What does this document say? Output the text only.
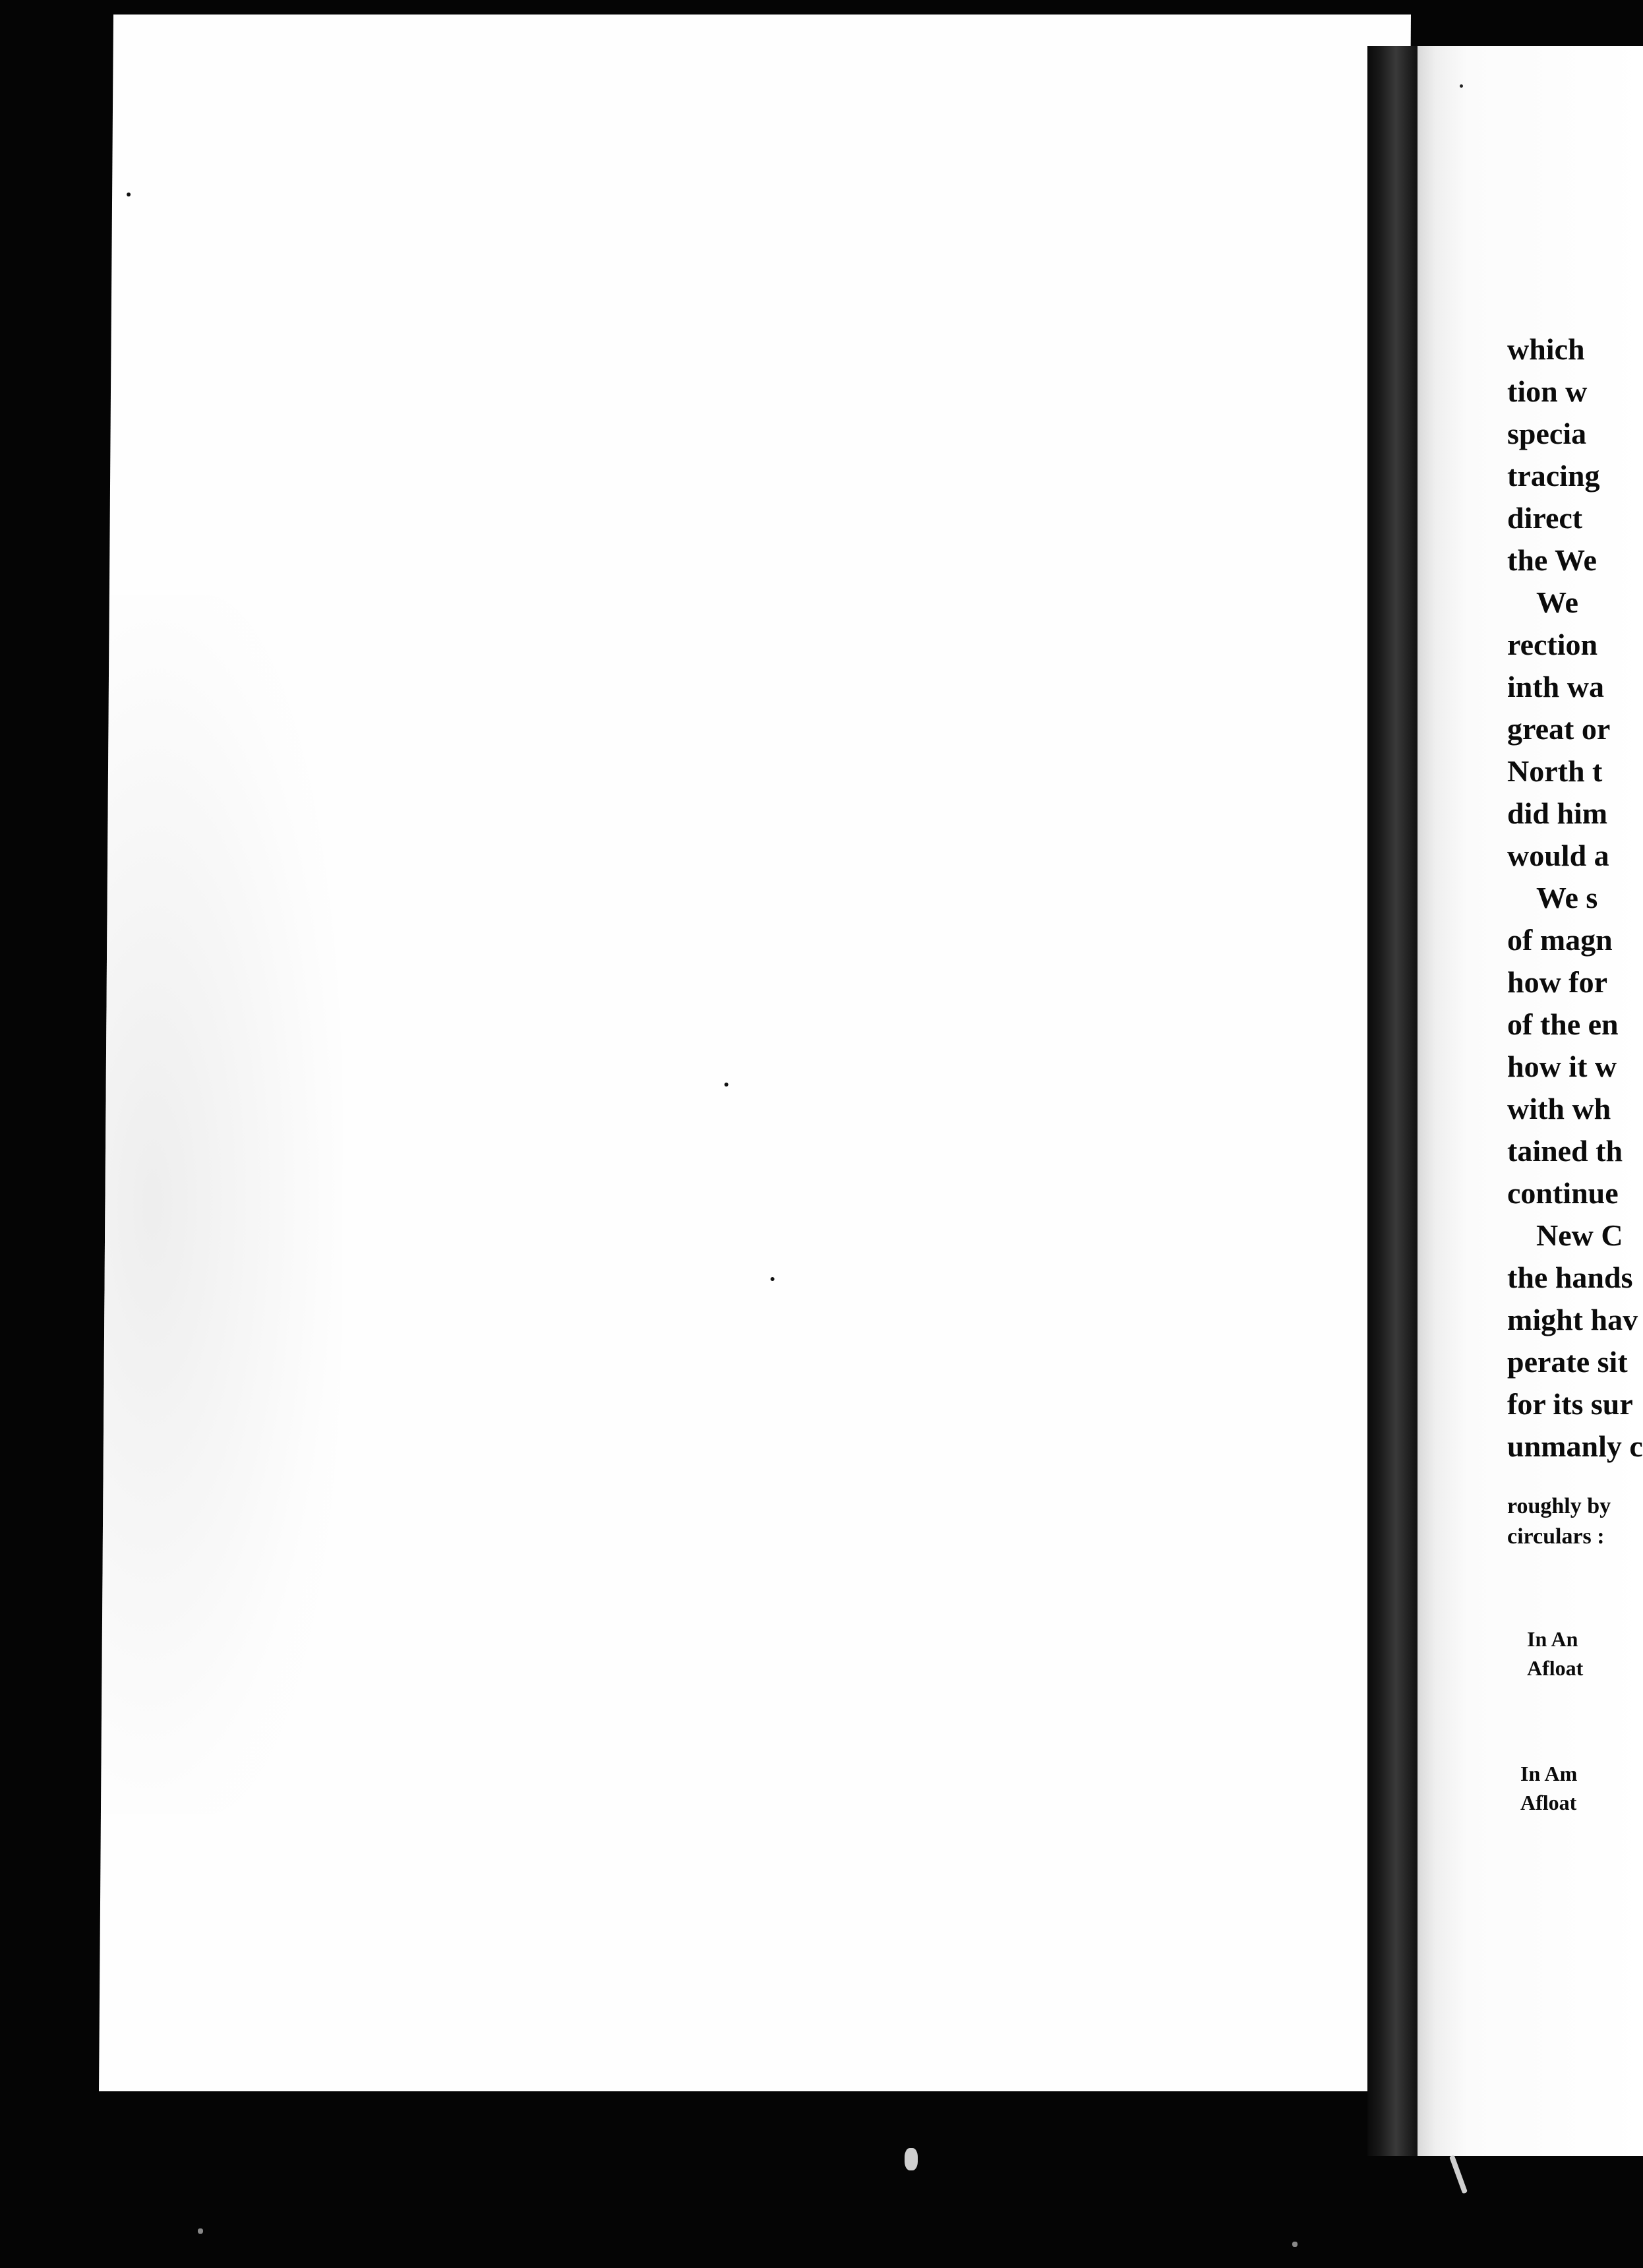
which
tion w
specia
tracing
direct
the We
We
rection
inth wa
great or
North t
did him
would a
We s
of magn
how for
of the en
how it w
with wh
tained th
continue
New C
the hands
might hav
perate sit
for its sur
unmanly c
roughly by
circulars :
In An
Afloat
In Am
Afloat
